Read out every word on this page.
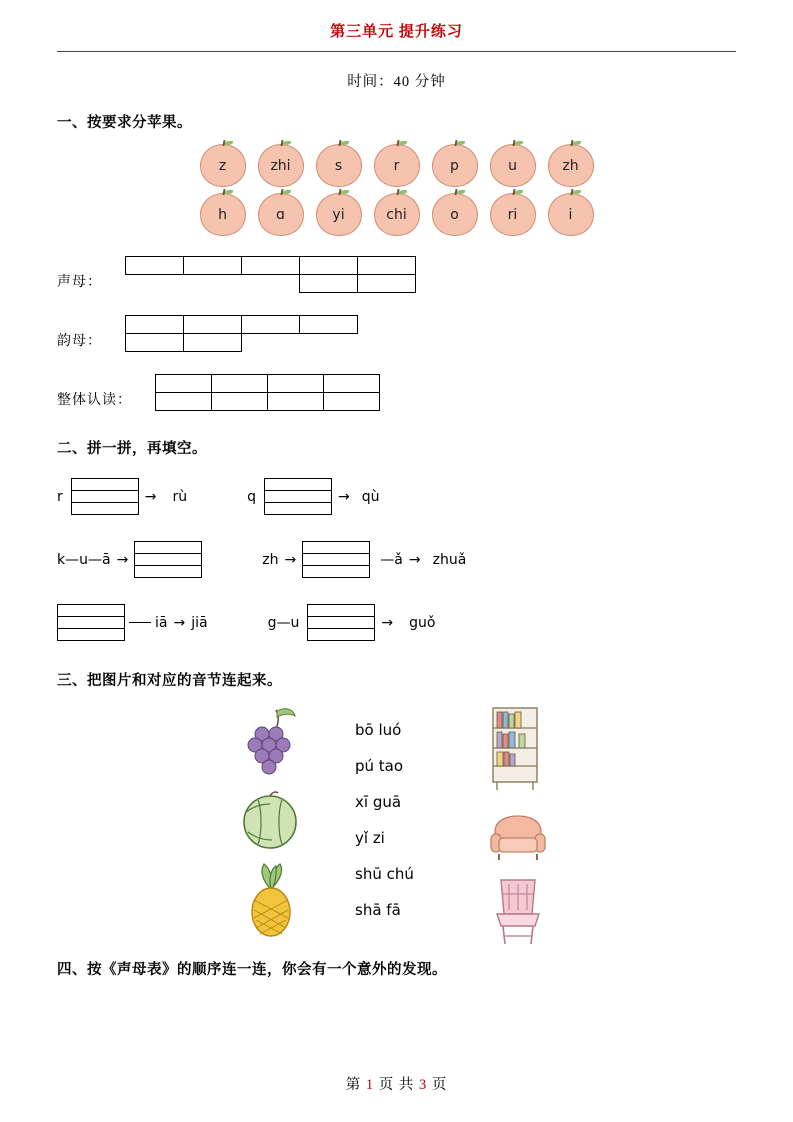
第三单元 提升练习
时间：40 分钟
一、按要求分苹果。
z	zhi	s	r	p	u	zh
h	ɑ	yi	chi	o	ri	i
声母：

韵母：

整体认读：

二、拼一拼，再填空。
r	→ rù	q	→ qù
k—u—ā →	zh →	—ǎ → zhuǎ

iā → jiā	g—u	→ guǒ
三、把图片和对应的音节连起来。
bō luó
pú tao
xī guā
yǐ zi
shū chú
shā fā
四、按《声母表》的顺序连一连，你会有一个意外的发现。
第 1 页 共 3 页
